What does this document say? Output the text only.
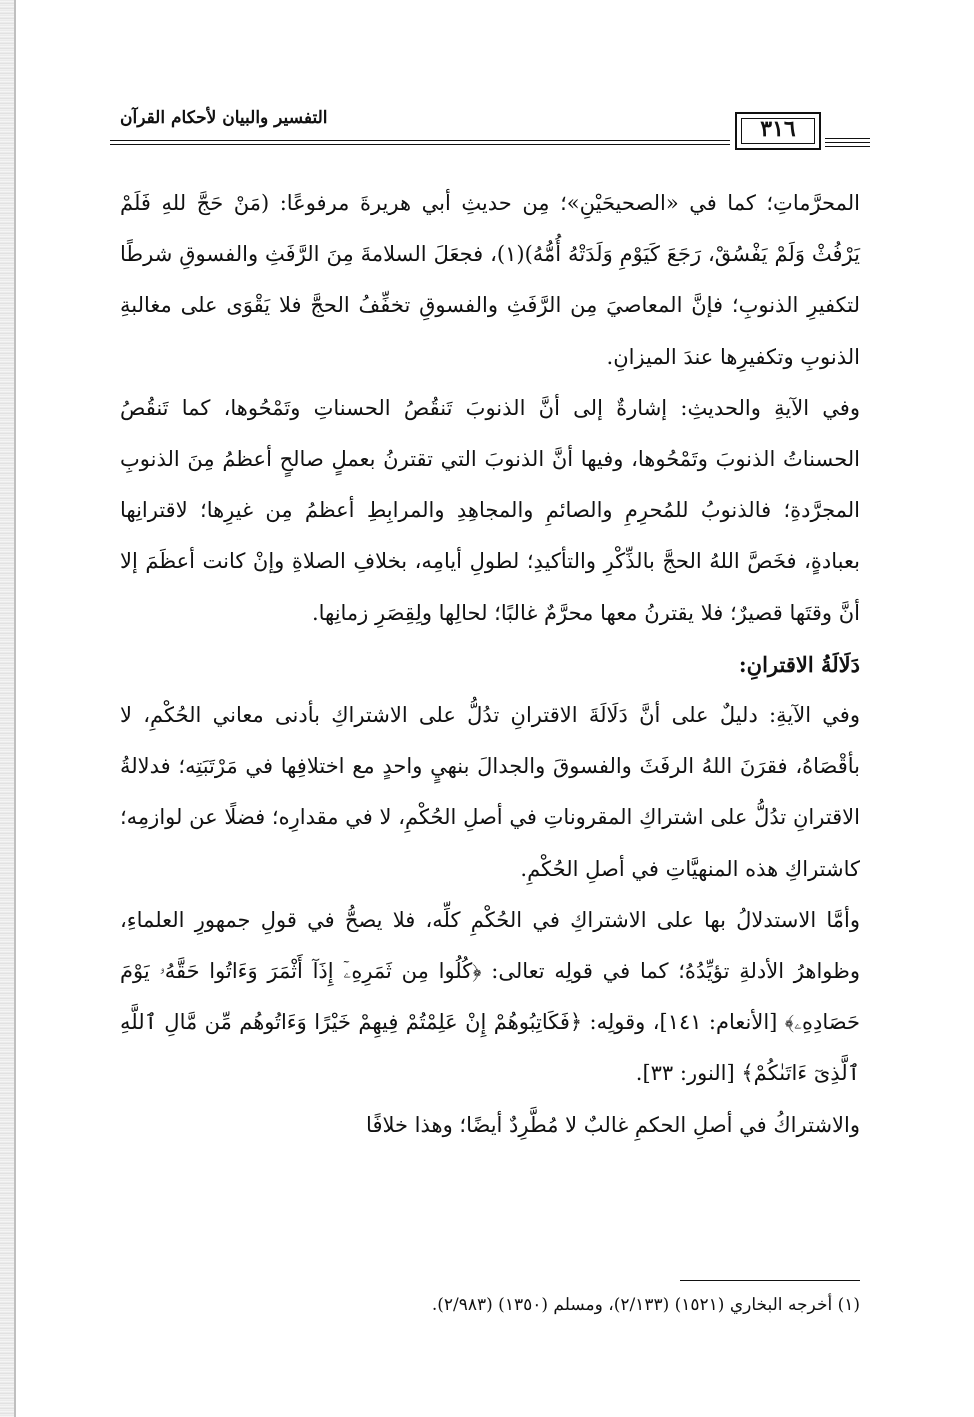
التفسير والبيان لأحكام القرآن	٣١٦

المحرَّماتِ؛ كما في «الصحيحَيْنِ»؛ مِن حديثِ أبي هريرةَ مرفوعًا: (مَنْ حَجَّ للهِ فَلَمْ يَرْفُثْ وَلَمْ يَفْسُقْ، رَجَعَ كَيَوْمِ وَلَدَتْهُ أُمُّهُ)(١)، فجعَلَ السلامةَ مِنَ الرَّفَثِ والفسوقِ شرطًا لتكفيرِ الذنوبِ؛ فإنَّ المعاصيَ مِن الرَّفَثِ والفسوقِ تخفِّفُ الحجَّ فلا يَقْوَى على مغالبةِ الذنوبِ وتكفيرِها عندَ الميزانِ.

وفي الآيةِ والحديثِ: إشارةٌ إلى أنَّ الذنوبَ تَنقُصُ الحسناتِ وتَمْحُوها، كما تَنقُصُ الحسناتُ الذنوبَ وتَمْحُوها، وفيها أنَّ الذنوبَ التي تقترنُ بعملٍ صالحٍ أعظمُ مِنَ الذنوبِ المجرَّدةِ؛ فالذنوبُ للمُحرِمِ والصائمِ والمجاهِدِ والمرابِطِ أعظمُ مِن غيرِها؛ لاقترانِها بعبادةٍ، فخَصَّ اللهُ الحجَّ بالذِّكْرِ والتأكيدِ؛ لطولِ أيامِه، بخلافِ الصلاةِ وإنْ كانت أعظَمَ إلا أنَّ وقتَها قصيرٌ؛ فلا يقترنُ معها محرَّمٌ غالبًا؛ لحالِها ولِقِصَرِ زمانِها.

دَلَالَةُ الاقترانِ:

وفي الآيةِ: دليلٌ على أنَّ دَلَالَةَ الاقترانِ تدُلُّ على الاشتراكِ بأدنى معاني الحُكْمِ، لا بأقْصَاهُ، فقرَنَ اللهُ الرفَثَ والفسوقَ والجدالَ بنهيٍ واحدٍ مع اختلافِها في مَرْتَبَتِه؛ فدلالةُ الاقترانِ تدُلُّ على اشتراكِ المقروناتِ في أصلِ الحُكْمِ، لا في مقدارِه؛ فضلًا عن لوازمِه؛ كاشتراكِ هذه المنهيَّاتِ في أصلِ الحُكْمِ.

وأمَّا الاستدلالُ بها على الاشتراكِ في الحُكْمِ كلِّه، فلا يصحُّ في قولِ جمهورِ العلماءِ، وظواهرُ الأدلةِ تؤيِّدُهُ؛ كما في قولِه تعالى: ﴿كُلُوا مِن ثَمَرِهِۦٓ إِذَآ أَثْمَرَ وَءَاتُوا حَقَّهُۥ يَوْمَ حَصَادِهِۦ﴾ [الأنعام: ١٤١]، وقولِه: ﴿فَكَاتِبُوهُمْ إِنْ عَلِمْتُمْ فِيهِمْ خَيْرًا وَءَاتُوهُم مِّن مَّالِ ٱللَّهِ ٱلَّذِىٓ ءَاتَىٰكُمْ﴾ [النور: ٣٣].

والاشتراكُ في أصلِ الحكمِ غالبٌ لا مُطَّرِدٌ أيضًا؛ وهذا خلافًا

(١) أخرجه البخاري (١٥٢١) (٢/١٣٣)، ومسلم (١٣٥٠) (٢/٩٨٣).
